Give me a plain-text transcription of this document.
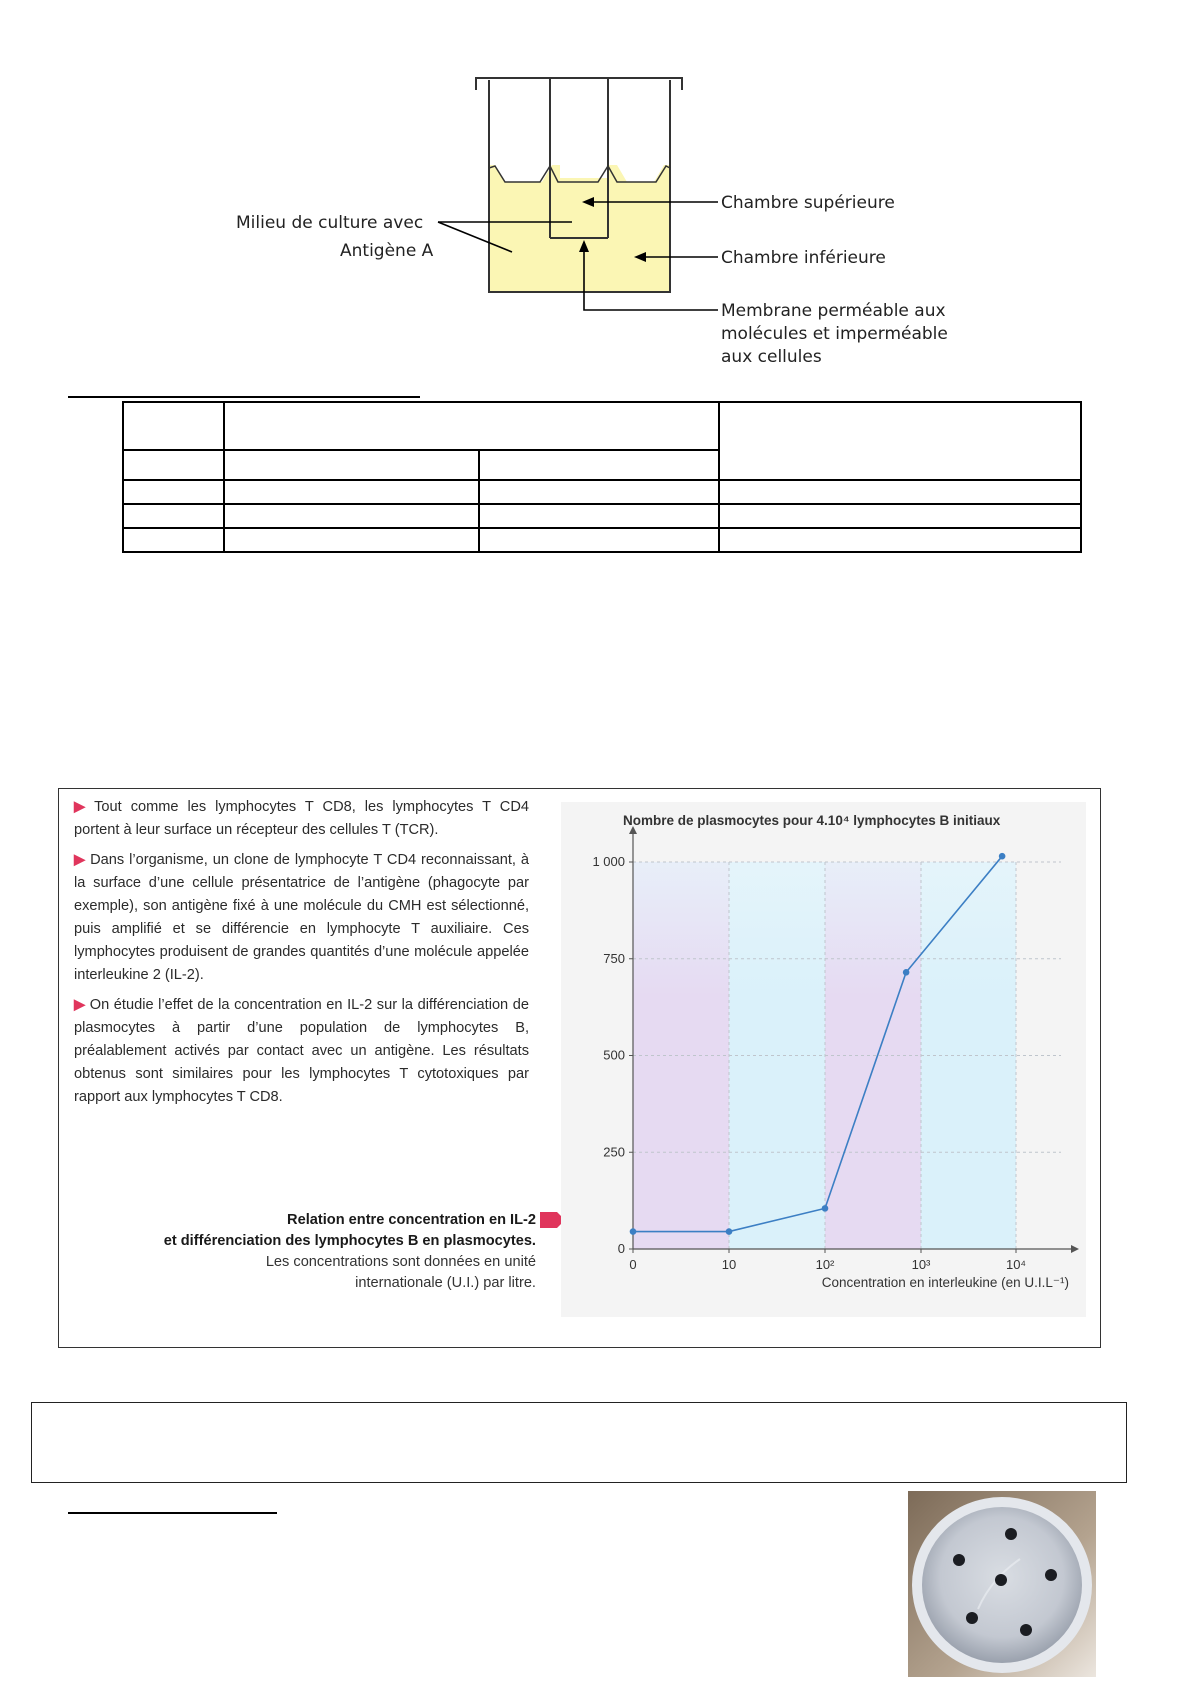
Milieu de culture avec
Antigène A
Chambre supérieure
Chambre inférieure
Membrane perméable aux molécules et imperméable aux cellules

▶ Tout comme les lymphocytes T CD8, les lymphocytes T CD4 portent à leur surface un récepteur des cellules T (TCR).

▶ Dans l’organisme, un clone de lymphocyte T CD4 reconnaissant, à la surface d’une cellule présentatrice de l’antigène (phagocyte par exemple), son antigène fixé à une molécule du CMH est sélectionné, puis amplifié et se différencie en lymphocyte T auxiliaire. Ces lymphocytes produisent de grandes quantités d’une molécule appelée interleukine 2 (IL-2).

▶ On étudie l’effet de la concentration en IL-2 sur la différenciation de plasmocytes à partir d’une population de lymphocytes B, préalablement activés par contact avec un antigène. Les résultats obtenus sont similaires pour les lymphocytes T cytotoxiques par rapport aux lymphocytes T CD8.

Relation entre concentration en IL-2
et différenciation des lymphocytes B en plasmocytes.
Les concentrations sont données en unité
internationale (U.I.) par litre.
0
250
500
750
1 000
0	10	10²	10³	10⁴
Nombre de plasmocytes pour 4.10⁴ lymphocytes B initiaux
Concentration en interleukine (en U.I.L⁻¹)
